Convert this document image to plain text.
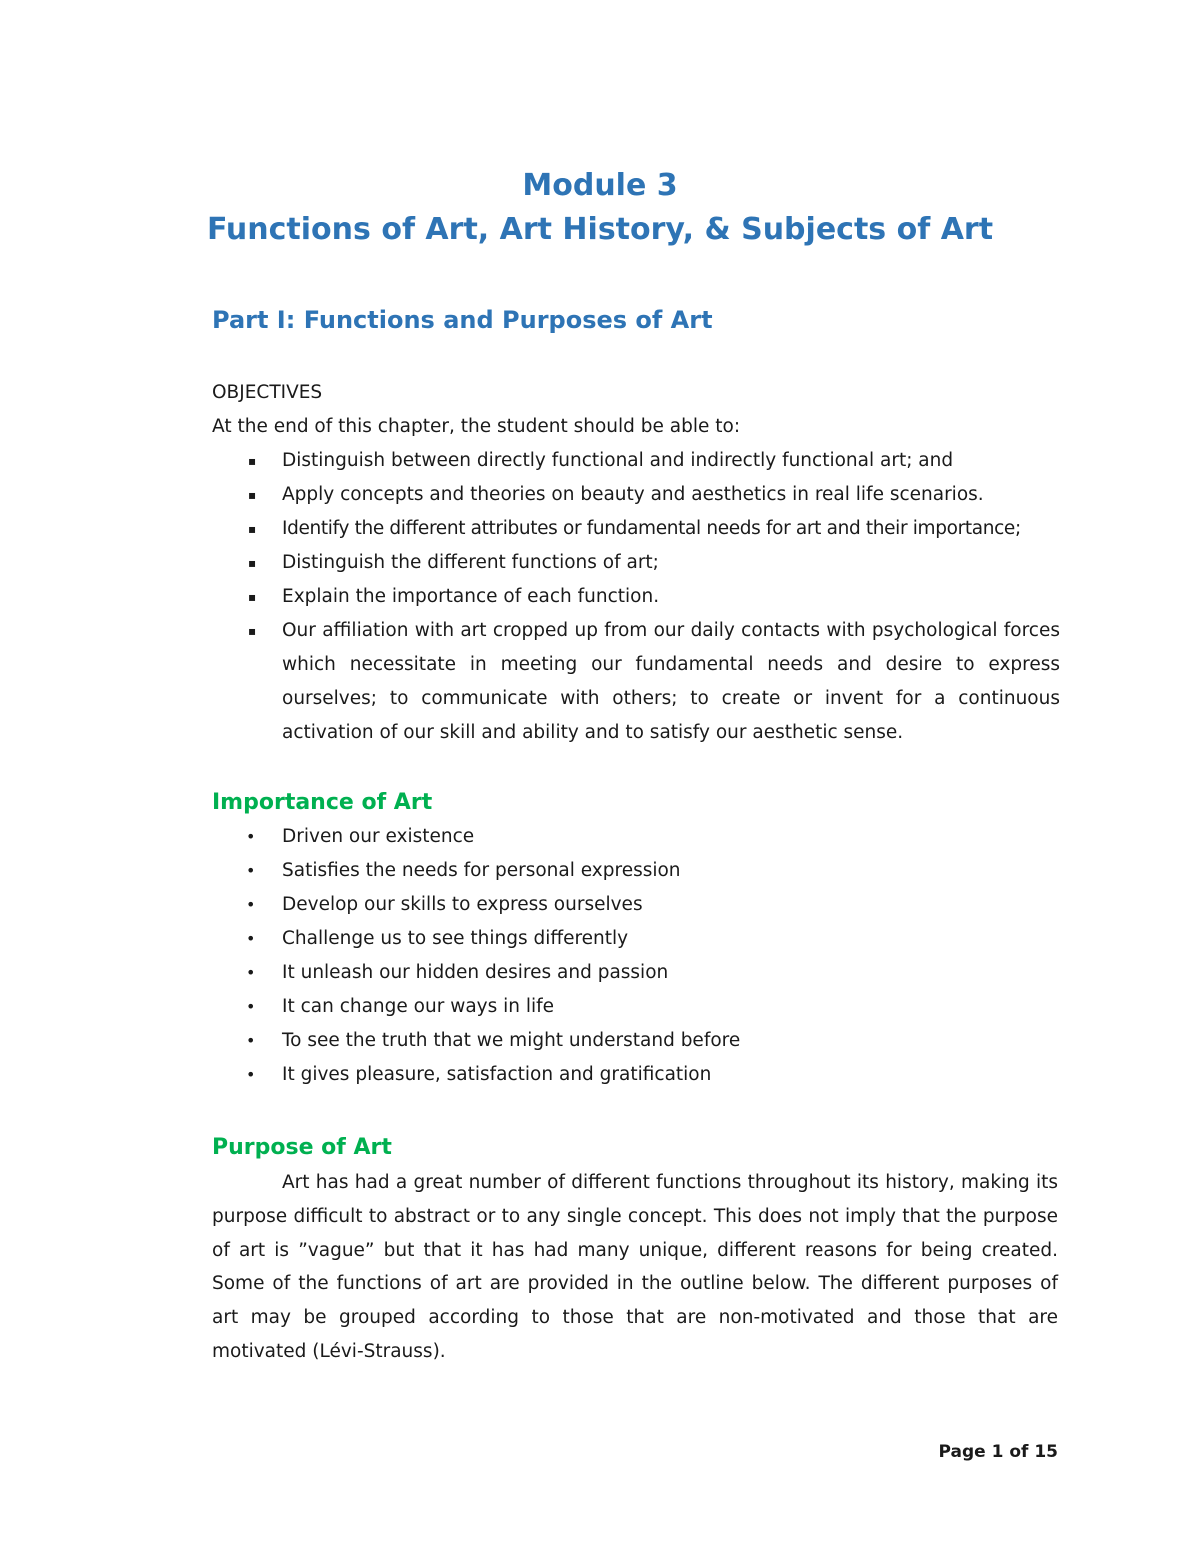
Module 3
Functions of Art, Art History, & Subjects of Art
Part I: Functions and Purposes of Art
OBJECTIVES
At the end of this chapter, the student should be able to:
▪ Distinguish between directly functional and indirectly functional art; and
▪ Apply concepts and theories on beauty and aesthetics in real life scenarios.
▪ Identify the different attributes or fundamental needs for art and their importance;
▪ Distinguish the different functions of art;
▪ Explain the importance of each function.
▪ Our affiliation with art cropped up from our daily contacts with psychological forces which necessitate in meeting our fundamental needs and desire to express ourselves; to communicate with others; to create or invent for a continuous activation of our skill and ability and to satisfy our aesthetic sense.
Importance of Art
• Driven our existence
• Satisfies the needs for personal expression
• Develop our skills to express ourselves
• Challenge us to see things differently
• It unleash our hidden desires and passion
• It can change our ways in life
• To see the truth that we might understand before
• It gives pleasure, satisfaction and gratification
Purpose of Art

Art has had a great number of different functions throughout its history, making its purpose difficult to abstract or to any single concept. This does not imply that the purpose of art is ”vague” but that it has had many unique, different reasons for being created. Some of the functions of art are provided in the outline below. The different purposes of art may be grouped according to those that are non-motivated and those that are motivated (Lévi-Strauss).

Page 1 of 15
